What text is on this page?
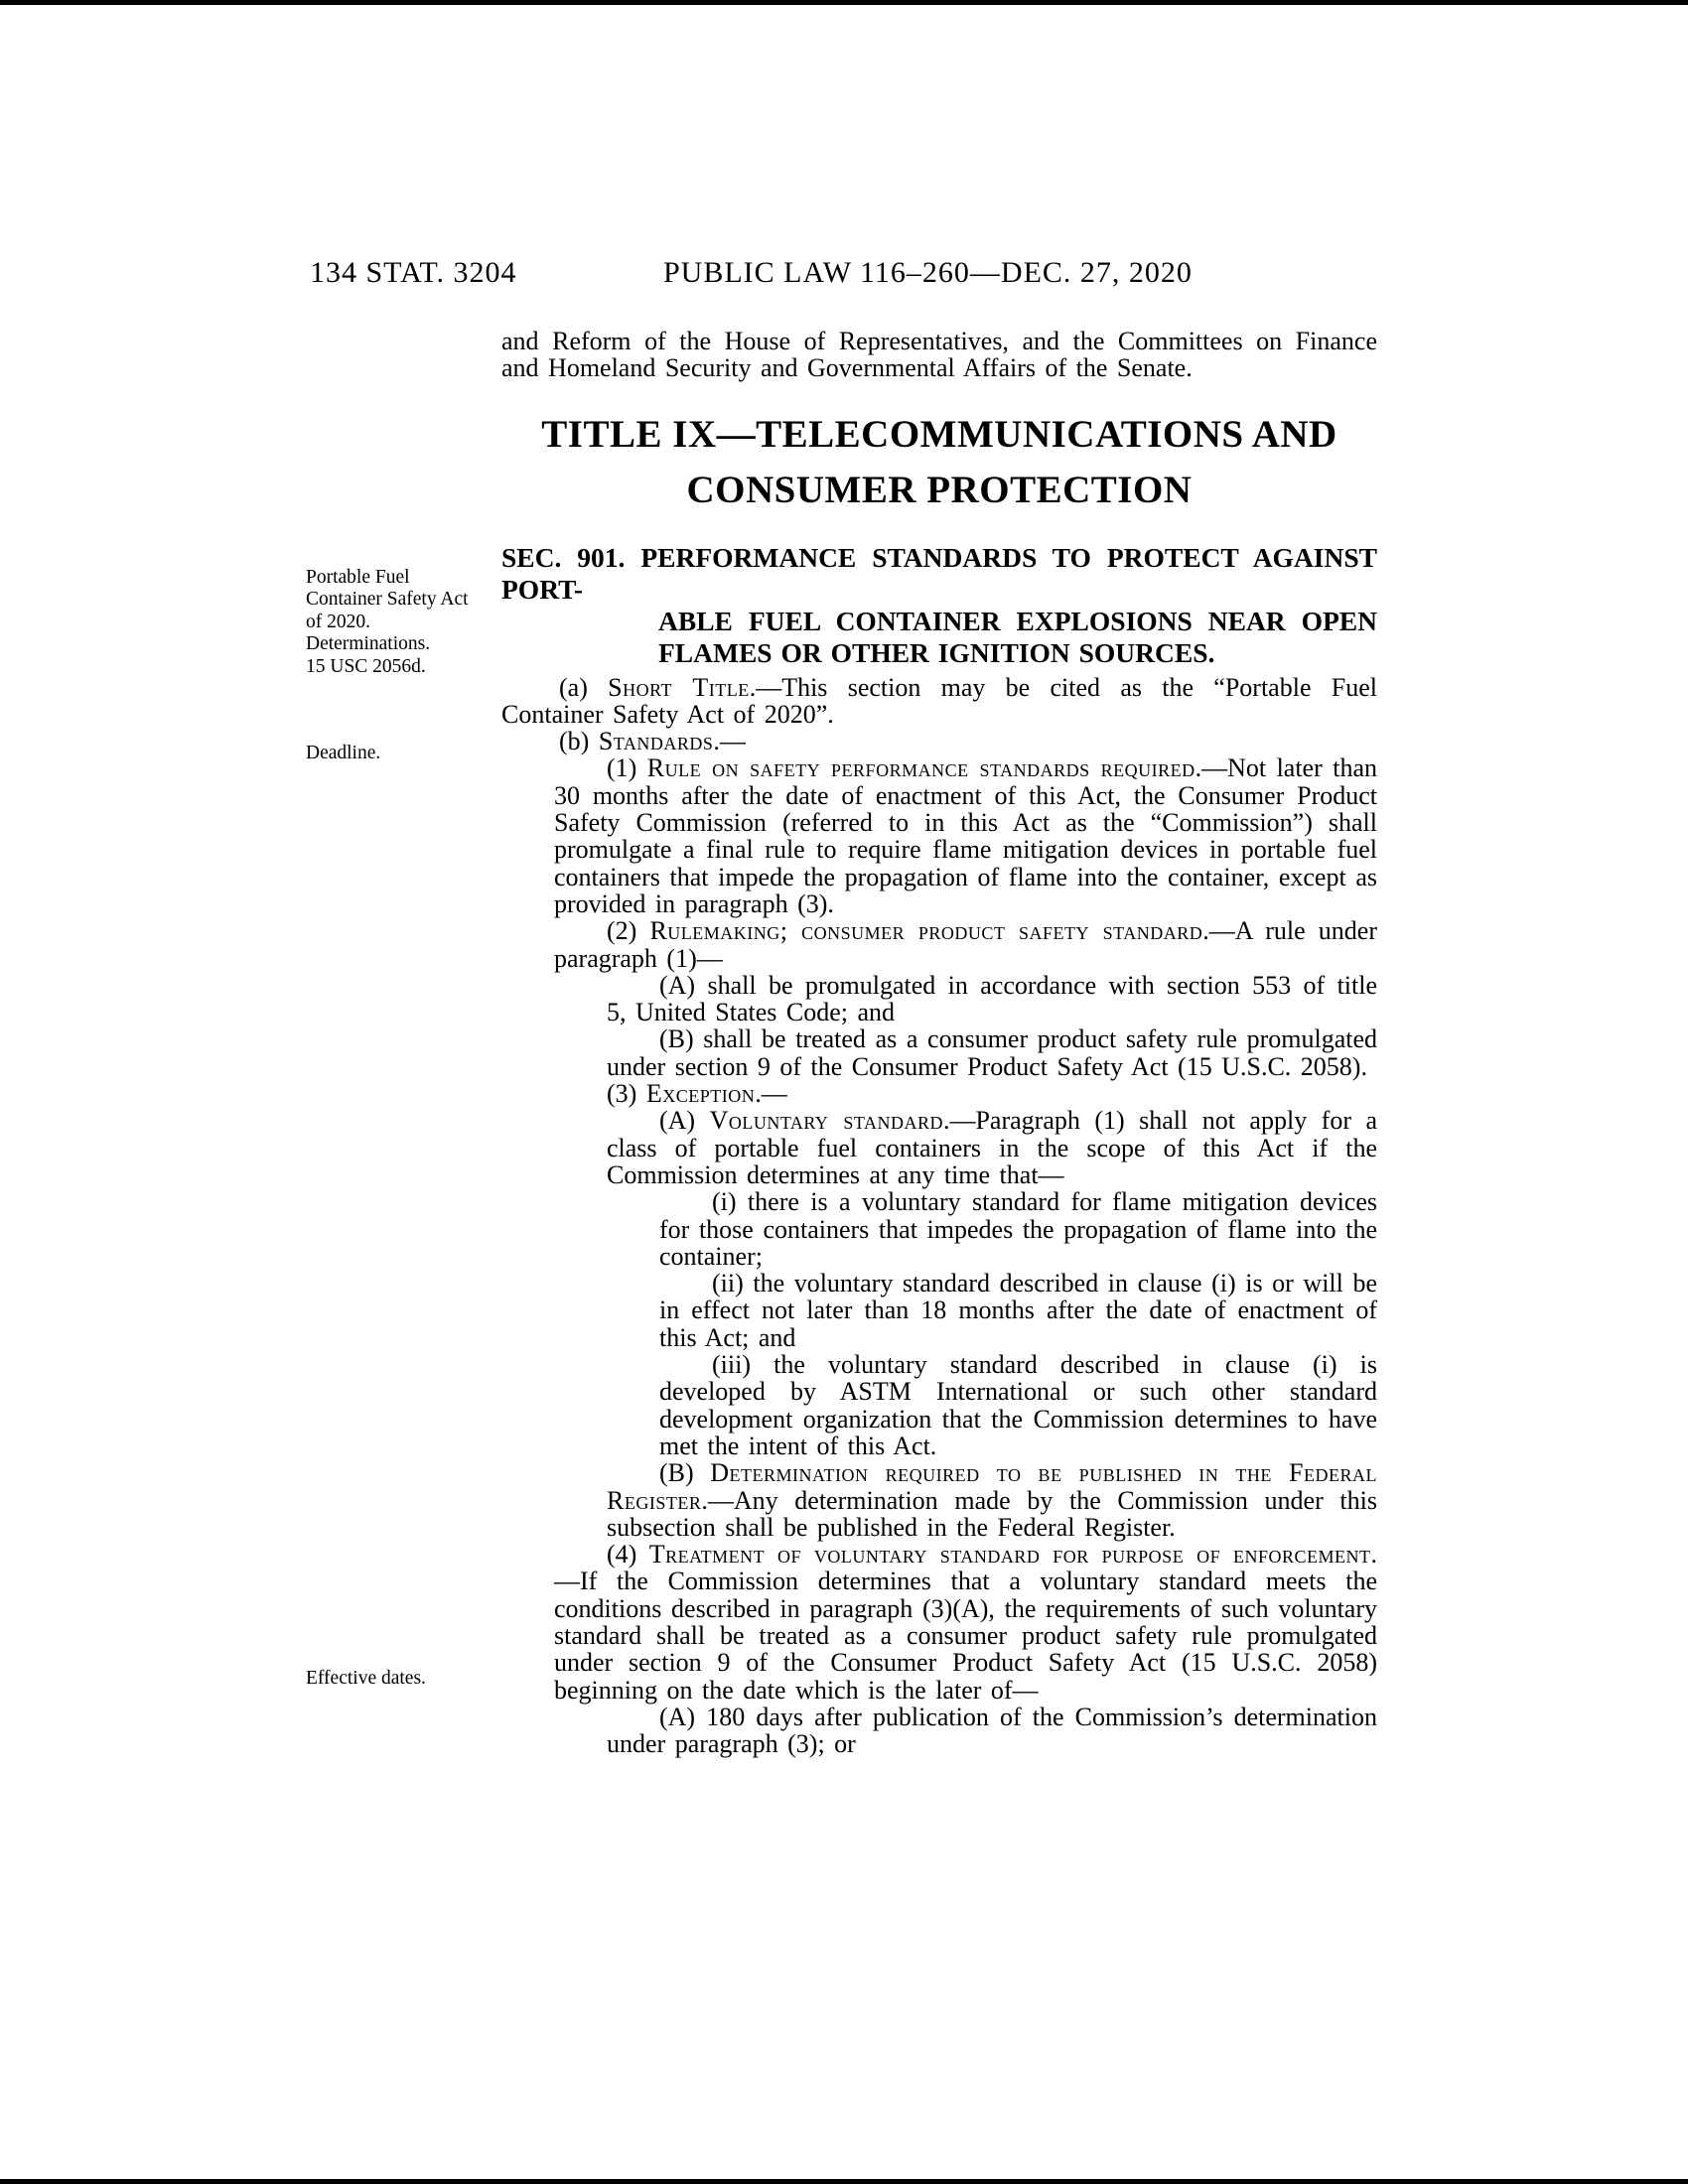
134 STAT. 3204	PUBLIC LAW 116–260—DEC. 27, 2020
Portable Fuel Container Safety Act of 2020.
Determinations.
15 USC 2056d.
Deadline.
Effective dates.

and Reform of the House of Representatives, and the Committees on Finance and Homeland Security and Governmental Affairs of the Senate.

TITLE IX—TELECOMMUNICATIONS AND
CONSUMER PROTECTION
SEC. 901. PERFORMANCE STANDARDS TO PROTECT AGAINST PORT-
ABLE FUEL CONTAINER EXPLOSIONS NEAR OPEN
FLAMES OR OTHER IGNITION SOURCES.

(a) Short Title.—This section may be cited as the “Portable Fuel Container Safety Act of 2020”.

(b) Standards.—

(1) Rule on safety performance standards required.—Not later than 30 months after the date of enactment of this Act, the Consumer Product Safety Commission (referred to in this Act as the “Commission”) shall promulgate a final rule to require flame mitigation devices in portable fuel containers that impede the propagation of flame into the container, except as provided in paragraph (3).

(2) Rulemaking; consumer product safety standard.—A rule under paragraph (1)—

(A) shall be promulgated in accordance with section 553 of title 5, United States Code; and

(B) shall be treated as a consumer product safety rule promulgated under section 9 of the Consumer Product Safety Act (15 U.S.C. 2058).

(3) Exception.—

(A) Voluntary standard.—Paragraph (1) shall not apply for a class of portable fuel containers in the scope of this Act if the Commission determines at any time that—

(i) there is a voluntary standard for flame mitigation devices for those containers that impedes the propagation of flame into the container;

(ii) the voluntary standard described in clause (i) is or will be in effect not later than 18 months after the date of enactment of this Act; and

(iii) the voluntary standard described in clause (i) is developed by ASTM International or such other standard development organization that the Commission determines to have met the intent of this Act.

(B) Determination required to be published in the Federal Register.—Any determination made by the Commission under this subsection shall be published in the Federal Register.

(4) Treatment of voluntary standard for purpose of enforcement.—If the Commission determines that a voluntary standard meets the conditions described in paragraph (3)(A), the requirements of such voluntary standard shall be treated as a consumer product safety rule promulgated under section 9 of the Consumer Product Safety Act (15 U.S.C. 2058) beginning on the date which is the later of—

(A) 180 days after publication of the Commission’s determination under paragraph (3); or
